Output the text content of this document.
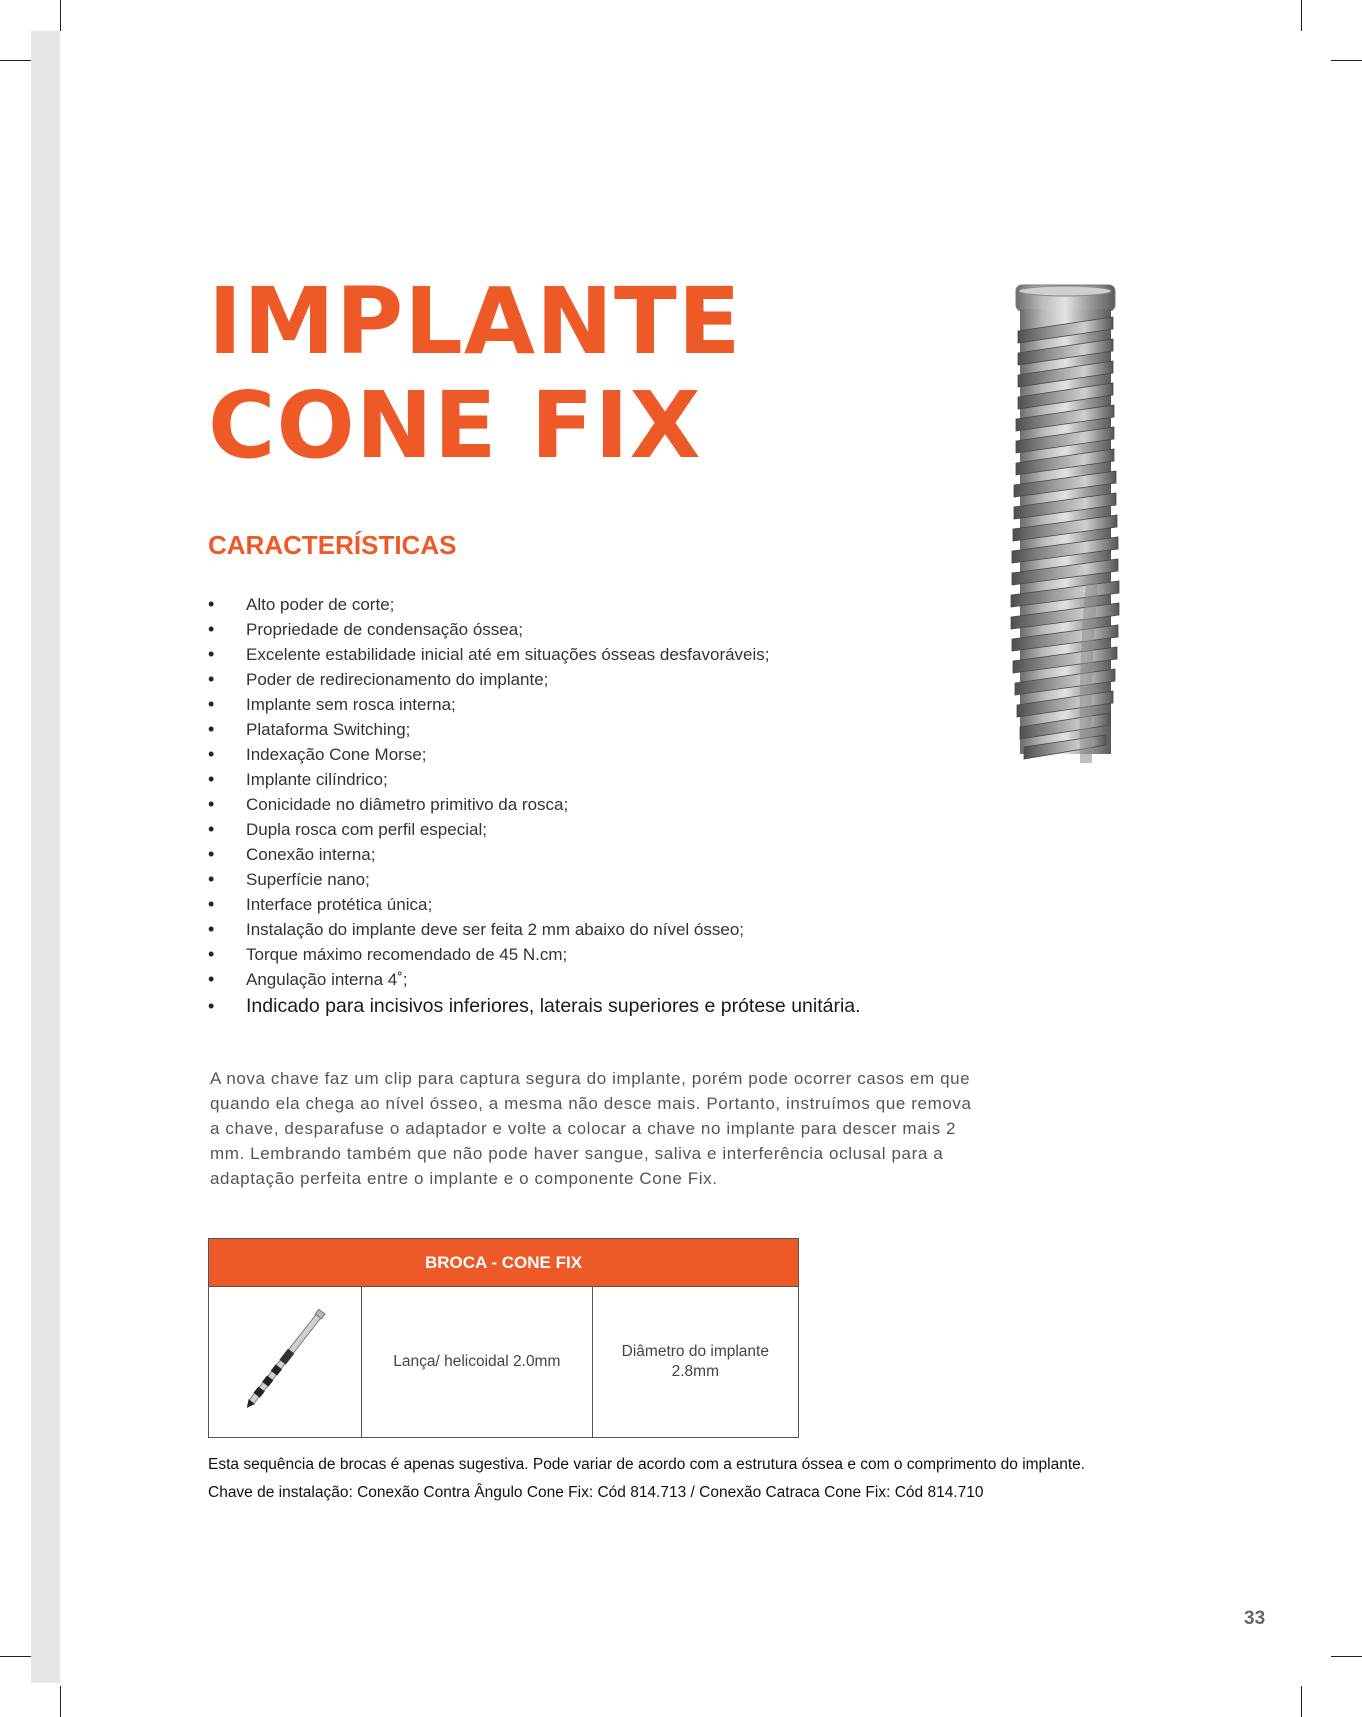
IMPLANTE
CONE FIX
CARACTERÍSTICAS
• Alto poder de corte;
• Propriedade de condensação óssea;
• Excelente estabilidade inicial até em situações ósseas desfavoráveis;
• Poder de redirecionamento do implante;
• Implante sem rosca interna;
• Plataforma Switching;
• Indexação Cone Morse;
• Implante cilíndrico;
• Conicidade no diâmetro primitivo da rosca;
• Dupla rosca com perfil especial;
• Conexão interna;
• Superfície nano;
• Interface protética única;
• Instalação do implante deve ser feita 2 mm abaixo do nível ósseo;
• Torque máximo recomendado de 45 N.cm;
• Angulação interna 4˚;
• Indicado para incisivos inferiores, laterais superiores e prótese unitária.

A nova chave faz um clip para captura segura do implante, porém pode ocorrer casos em que quando ela chega ao nível ósseo, a mesma não desce mais. Portanto, instruímos que remova a chave, desparafuse o adaptador e volte a colocar a chave no implante para descer mais 2 mm. Lembrando também que não pode haver sangue, saliva e interferência oclusal para a adaptação perfeita entre o implante e o componente Cone Fix.

BROCA - CONE FIX
	Lança/ helicoidal 2.0mm	Diâmetro do implante
2.8mm

Esta sequência de brocas é apenas sugestiva. Pode variar de acordo com a estrutura óssea e com o comprimento do implante.

Chave de instalação: Conexão Contra Ângulo Cone Fix: Cód 814.713 / Conexão Catraca Cone Fix: Cód 814.710

33
